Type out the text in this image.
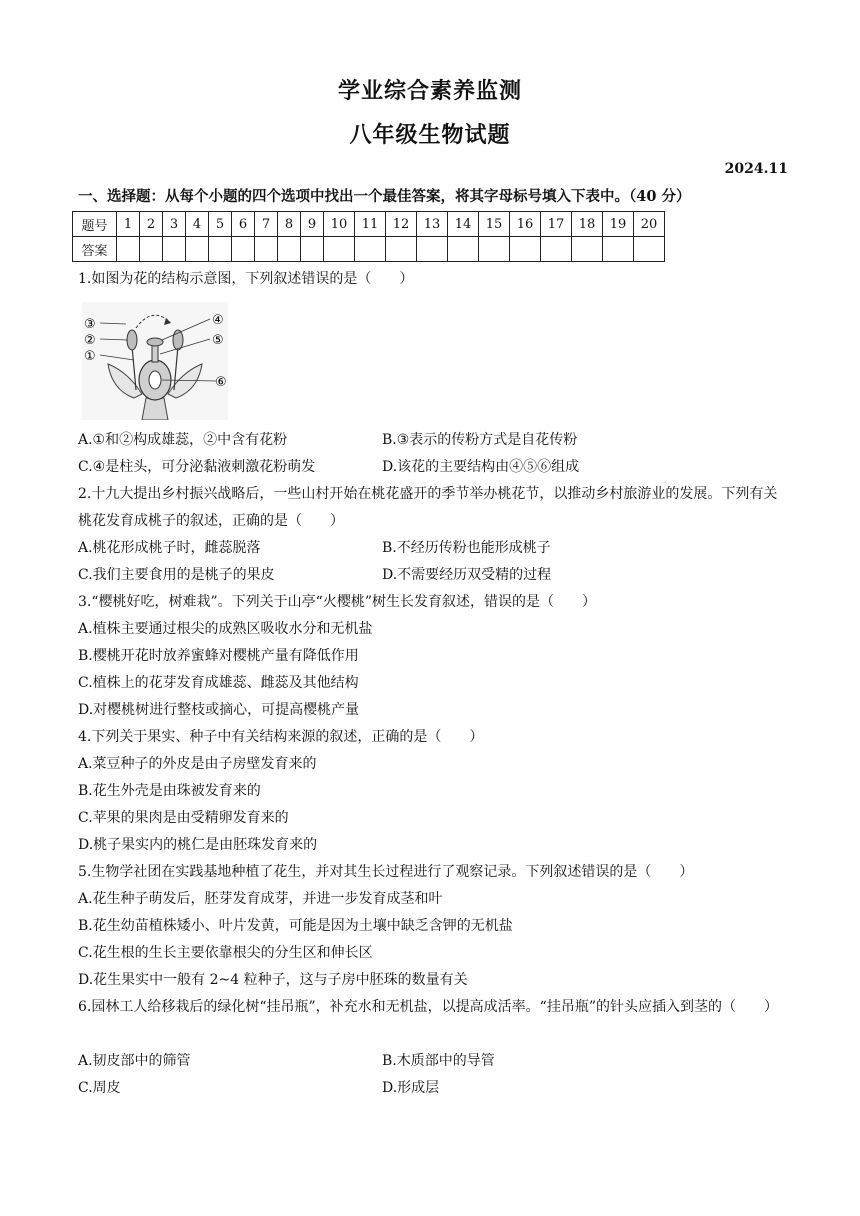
学业综合素养监测
八年级生物试题
2024.11
一、选择题：从每个小题的四个选项中找出一个最佳答案，将其字母标号填入下表中。（40 分）
题号	1	2	3	4	5	6	7	8	9	10	11	12	13	14	15	16	17	18	19	20
答案																				
1.如图为花的结构示意图，下列叙述错误的是（　　）
③
②
①
④
⑤
⑥
A.①和②构成雄蕊，②中含有花粉	B.③表示的传粉方式是自花传粉
C.④是柱头，可分泌黏液刺激花粉萌发	D.该花的主要结构由④⑤⑥组成
2.十九大提出乡村振兴战略后，一些山村开始在桃花盛开的季节举办桃花节，以推动乡村旅游业的发展。下列有关桃花发育成桃子的叙述，正确的是（　　）
A.桃花形成桃子时，雌蕊脱落	B.不经历传粉也能形成桃子
C.我们主要食用的是桃子的果皮	D.不需要经历双受精的过程
3.“樱桃好吃，树难栽”。下列关于山亭“火樱桃”树生长发育叙述，错误的是（　　）
A.植株主要通过根尖的成熟区吸收水分和无机盐
B.樱桃开花时放养蜜蜂对樱桃产量有降低作用
C.植株上的花芽发育成雄蕊、雌蕊及其他结构
D.对樱桃树进行整枝或摘心，可提高樱桃产量
4.下列关于果实、种子中有关结构来源的叙述，正确的是（　　）
A.菜豆种子的外皮是由子房壁发育来的
B.花生外壳是由珠被发育来的
C.苹果的果肉是由受精卵发育来的
D.桃子果实内的桃仁是由胚珠发育来的
5.生物学社团在实践基地种植了花生，并对其生长过程进行了观察记录。下列叙述错误的是（　　）
A.花生种子萌发后，胚芽发育成芽，并进一步发育成茎和叶
B.花生幼苗植株矮小、叶片发黄，可能是因为土壤中缺乏含钾的无机盐
C.花生根的生长主要依靠根尖的分生区和伸长区
D.花生果实中一般有 2~4 粒种子，这与子房中胚珠的数量有关
6.园林工人给移栽后的绿化树“挂吊瓶”，补充水和无机盐，以提高成活率。“挂吊瓶”的针头应插入到茎的（　　）
A.韧皮部中的筛管	B.木质部中的导管
C.周皮	D.形成层
